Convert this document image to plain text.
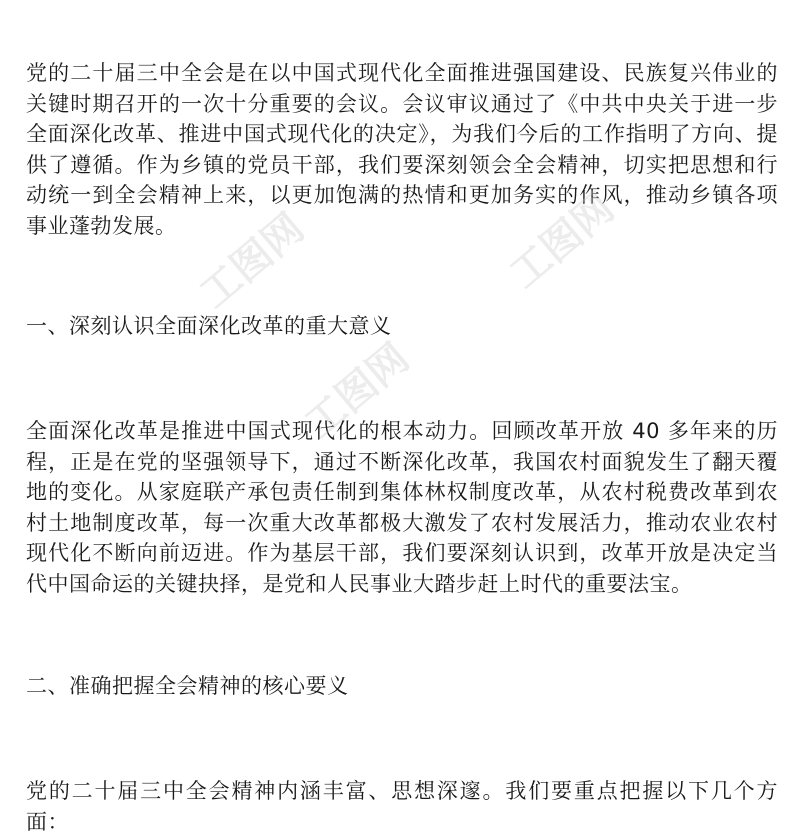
党的二十届三中全会是在以中国式现代化全面推进强国建设、民族复兴伟业的关键时期召开的一次十分重要的会议。会议审议通过了《中共中央关于进一步全面深化改革、推进中国式现代化的决定》，为我们今后的工作指明了方向、提供了遵循。作为乡镇的党员干部，我们要深刻领会全会精神，切实把思想和行动统一到全会精神上来，以更加饱满的热情和更加务实的作风，推动乡镇各项事业蓬勃发展。

一、深刻认识全面深化改革的重大意义

全面深化改革是推进中国式现代化的根本动力。回顾改革开放 40 多年来的历程，正是在党的坚强领导下，通过不断深化改革，我国农村面貌发生了翻天覆地的变化。从家庭联产承包责任制到集体林权制度改革，从农村税费改革到农村土地制度改革，每一次重大改革都极大激发了农村发展活力，推动农业农村现代化不断向前迈进。作为基层干部，我们要深刻认识到，改革开放是决定当代中国命运的关键抉择，是党和人民事业大踏步赶上时代的重要法宝。

二、准确把握全会精神的核心要义

党的二十届三中全会精神内涵丰富、思想深邃。我们要重点把握以下几个方面：

工图网	工图网
工图网
